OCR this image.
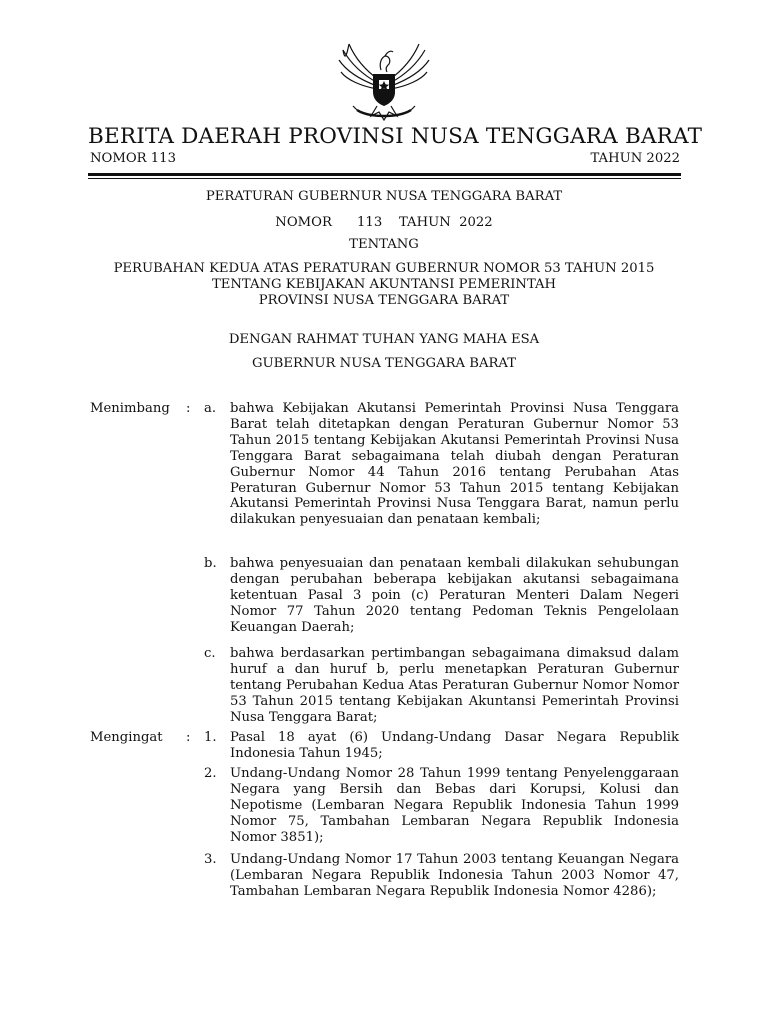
BERITA DAERAH PROVINSI NUSA TENGGARA BARAT
NOMOR 113	TAHUN 2022
PERATURAN GUBERNUR NUSA TENGGARA BARAT
NOMOR      113    TAHUN  2022
TENTANG
PERUBAHAN KEDUA ATAS PERATURAN GUBERNUR NOMOR 53 TAHUN 2015
TENTANG KEBIJAKAN AKUNTANSI PEMERINTAH
PROVINSI NUSA TENGGARA BARAT
DENGAN RAHMAT TUHAN YANG MAHA ESA
GUBERNUR NUSA TENGGARA BARAT
Menimbang : a. bahwa Kebijakan Akutansi Pemerintah Provinsi Nusa Tenggara Barat telah ditetapkan dengan Peraturan Gubernur Nomor 53 Tahun 2015 tentang Kebijakan Akutansi Pemerintah Provinsi Nusa Tenggara Barat sebagaimana telah diubah dengan Peraturan Gubernur Nomor 44 Tahun 2016 tentang Perubahan Atas Peraturan Gubernur Nomor 53 Tahun 2015 tentang Kebijakan Akutansi Pemerintah Provinsi Nusa Tenggara Barat, namun perlu dilakukan penyesuaian dan penataan kembali;

b. bahwa penyesuaian dan penataan kembali dilakukan sehubungan dengan perubahan beberapa kebijakan akutansi sebagaimana ketentuan Pasal 3 poin (c) Peraturan Menteri Dalam Negeri Nomor 77 Tahun 2020 tentang Pedoman Teknis Pengelolaan Keuangan Daerah;

c. bahwa berdasarkan pertimbangan sebagaimana dimaksud dalam huruf a dan huruf b, perlu menetapkan Peraturan Gubernur tentang Perubahan Kedua Atas Peraturan Gubernur Nomor Nomor 53 Tahun 2015 tentang Kebijakan Akuntansi Pemerintah Provinsi Nusa Tenggara Barat;

Mengingat : 1. Pasal 18 ayat (6) Undang-Undang Dasar Negara Republik Indonesia Tahun 1945;

2. Undang-Undang Nomor 28 Tahun 1999 tentang Penyelenggaraan Negara yang Bersih dan Bebas dari Korupsi, Kolusi dan Nepotisme (Lembaran Negara Republik Indonesia Tahun 1999 Nomor 75, Tambahan Lembaran Negara Republik Indonesia Nomor 3851);

3. Undang-Undang Nomor 17 Tahun 2003 tentang Keuangan Negara (Lembaran Negara Republik Indonesia Tahun 2003 Nomor 47, Tambahan Lembaran Negara Republik Indonesia Nomor 4286);
